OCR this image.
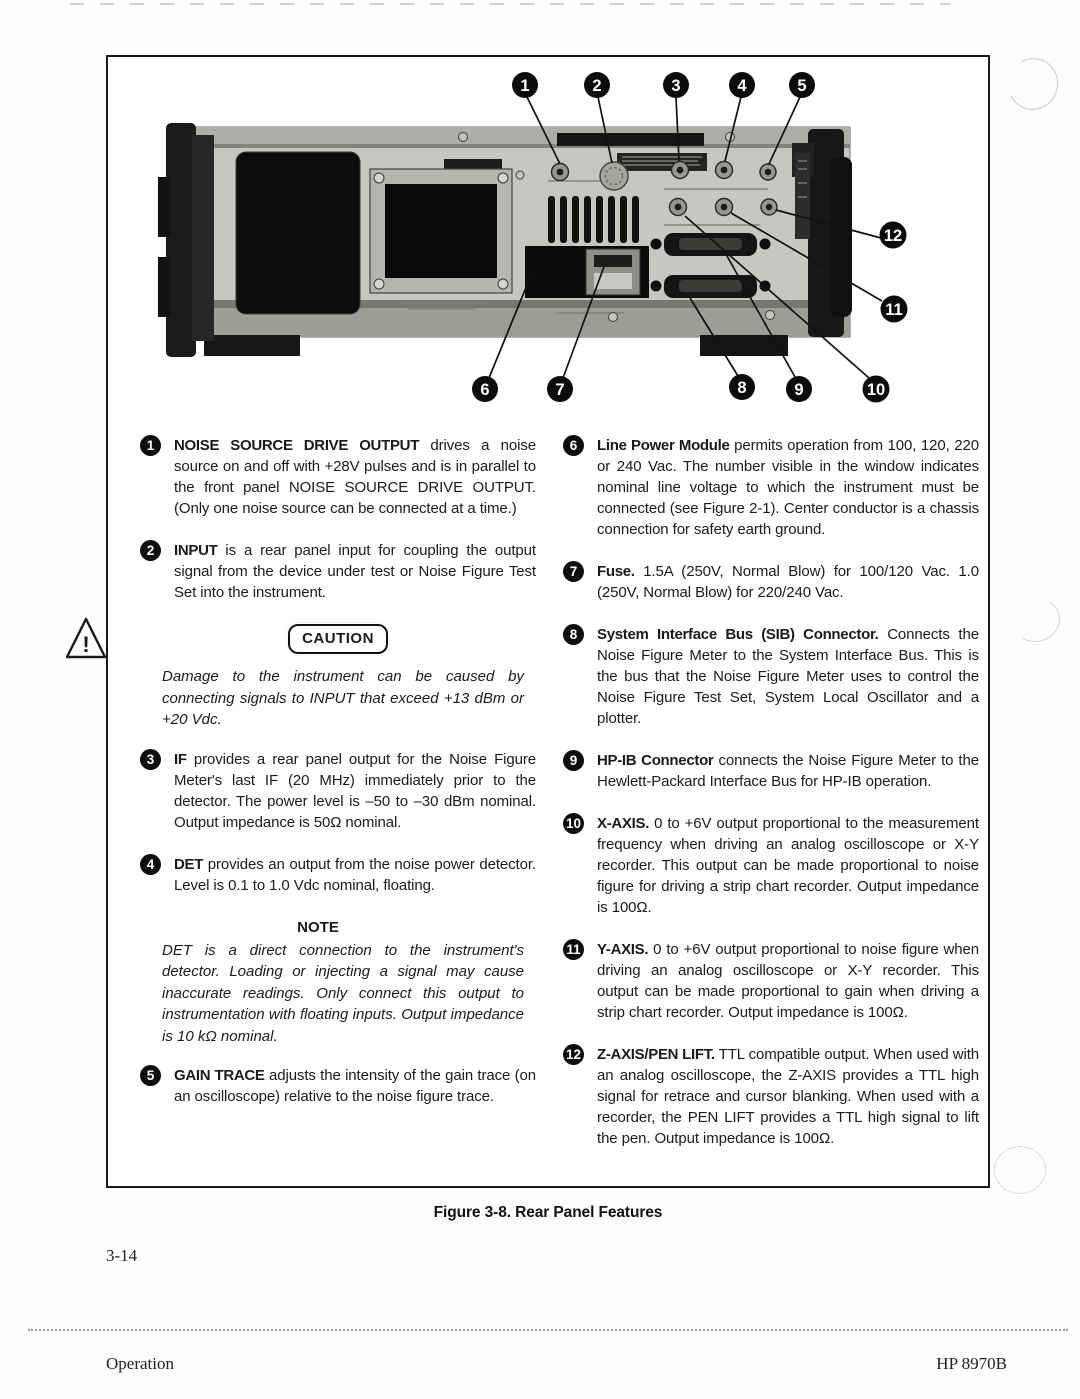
!
1	2	3	4	5
6	7	8	9	10
11
12
1	NOISE SOURCE DRIVE OUTPUT drives a noise source on and off with +28V pulses and is in parallel to the front panel NOISE SOURCE DRIVE OUTPUT. (Only one noise source can be connected at a time.)

2	INPUT is a rear panel input for coupling the output signal from the device under test or Noise Figure Test Set into the instrument.

CAUTION

Damage to the instrument can be caused by connecting signals to INPUT that exceed +13 dBm or +20 Vdc.

3	IF provides a rear panel output for the Noise Figure Meter's last IF (20 MHz) immediately prior to the detector. The power level is –50 to –30 dBm nominal. Output impedance is 50Ω nominal.

4	DET provides an output from the noise power detector. Level is 0.1 to 1.0 Vdc nominal, floating.

NOTE

DET is a direct connection to the instrument's detector. Loading or injecting a signal may cause inaccurate readings. Only connect this output to instrumentation with floating inputs. Output impedance is 10 kΩ nominal.

5	GAIN TRACE adjusts the intensity of the gain trace (on an oscilloscope) relative to the noise figure trace.

6	Line Power Module permits operation from 100, 120, 220 or 240 Vac. The number visible in the window indicates nominal line voltage to which the instrument must be connected (see Figure 2-1). Center conductor is a chassis connection for safety earth ground.

7	Fuse. 1.5A (250V, Normal Blow) for 100/120 Vac. 1.0 (250V, Normal Blow) for 220/240 Vac.

8	System Interface Bus (SIB) Connector. Connects the Noise Figure Meter to the System Interface Bus. This is the bus that the Noise Figure Meter uses to control the Noise Figure Test Set, System Local Oscillator and a plotter.

9	HP-IB Connector connects the Noise Figure Meter to the Hewlett-Packard Interface Bus for HP-IB operation.

10 X-AXIS. 0 to +6V output proportional to the measurement frequency when driving an analog oscilloscope or X-Y recorder. This output can be made proportional to noise figure for driving a strip chart recorder. Output impedance is 100Ω.

11 Y-AXIS. 0 to +6V output proportional to noise figure when driving an analog oscilloscope or X-Y recorder. This output can be made proportional to gain when driving a strip chart recorder. Output impedance is 100Ω.

12 Z-AXIS/PEN LIFT. TTL compatible output. When used with an analog oscilloscope, the Z-AXIS provides a TTL high signal for retrace and cursor blanking. When used with a recorder, the PEN LIFT provides a TTL high signal to lift the pen. Output impedance is 100Ω.

Figure 3-8. Rear Panel Features
3-14
Operation	HP 8970B
